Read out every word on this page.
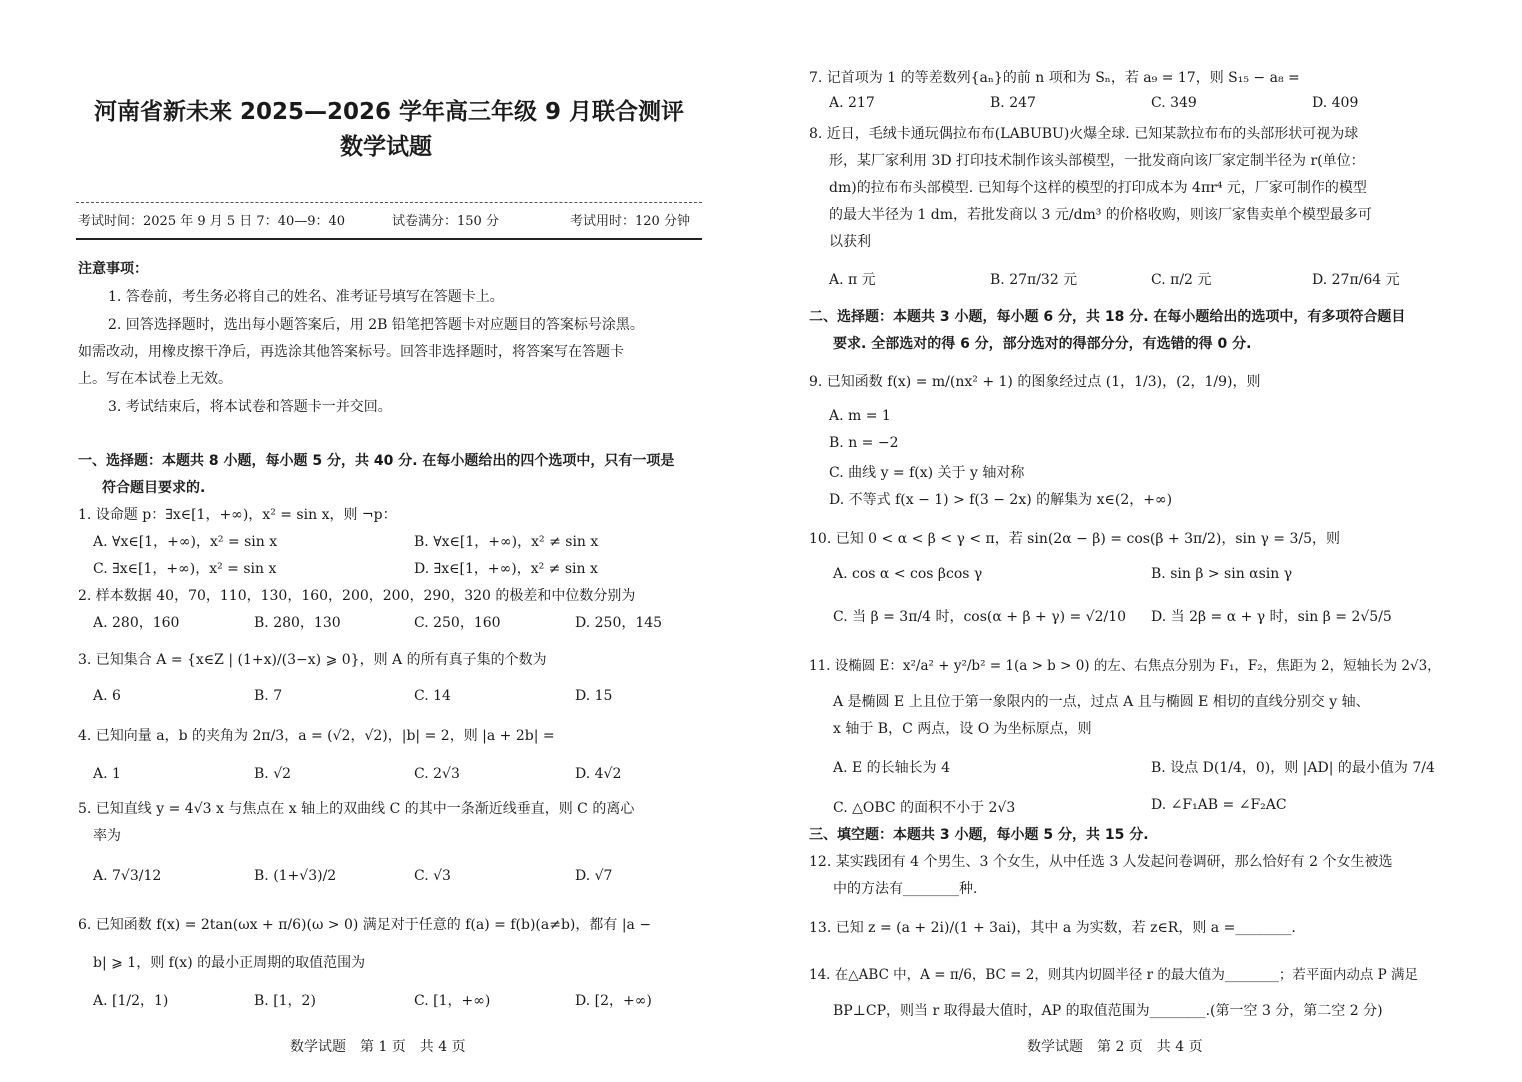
河南省新未来 2025—2026 学年高三年级 9 月联合测评
数学试题
考试时间：2025 年 9 月 5 日 7：40—9：40	试卷满分：150 分	考试用时：120 分钟
注意事项：
1. 答卷前，考生务必将自己的姓名、准考证号填写在答题卡上。
2. 回答选择题时，选出每小题答案后，用 2B 铅笔把答题卡对应题目的答案标号涂黑。
如需改动，用橡皮擦干净后，再选涂其他答案标号。回答非选择题时，将答案写在答题卡
上。写在本试卷上无效。
3. 考试结束后，将本试卷和答题卡一并交回。
一、选择题：本题共 8 小题，每小题 5 分，共 40 分. 在每小题给出的四个选项中，只有一项是
符合题目要求的.
1. 设命题 p：∃x∈[1，+∞)，x² = sin x，则 ¬p：
A. ∀x∈[1，+∞)，x² = sin x	B. ∀x∈[1，+∞)，x² ≠ sin x
C. ∃x∈[1，+∞)，x² = sin x	D. ∃x∈[1，+∞)，x² ≠ sin x
2. 样本数据 40，70，110，130，160，200，200，290，320 的极差和中位数分别为
A. 280，160	B. 280，130	C. 250，160	D. 250，145
3. 已知集合 A = {x∈Z | (1+x)/(3−x) ⩾ 0}，则 A 的所有真子集的个数为
A. 6	B. 7	C. 14	D. 15
4. 已知向量 a，b 的夹角为 2π/3，a = (√2，√2)，|b| = 2，则 |a + 2b| =
A. 1	B. √2	C. 2√3	D. 4√2
5. 已知直线 y = 4√3 x 与焦点在 x 轴上的双曲线 C 的其中一条渐近线垂直，则 C 的离心
率为
A. 7√3/12	B. (1+√3)/2	C. √3	D. √7
6. 已知函数 f(x) = 2tan(ωx + π/6)(ω > 0) 满足对于任意的 f(a) = f(b)(a≠b)，都有 |a −
b| ⩾ 1，则 f(x) 的最小正周期的取值范围为
A. [1/2，1)	B. [1，2)	C. [1，+∞)	D. [2，+∞)
数学试题　第 1 页　共 4 页
7. 记首项为 1 的等差数列{aₙ}的前 n 项和为 Sₙ，若 a₉ = 17，则 S₁₅ − a₈ =
A. 217	B. 247	C. 349	D. 409
8. 近日，毛绒卡通玩偶拉布布(LABUBU)火爆全球. 已知某款拉布布的头部形状可视为球
形，某厂家利用 3D 打印技术制作该头部模型，一批发商向该厂家定制半径为 r(单位：
dm)的拉布布头部模型. 已知每个这样的模型的打印成本为 4πr⁴ 元，厂家可制作的模型
的最大半径为 1 dm，若批发商以 3 元/dm³ 的价格收购，则该厂家售卖单个模型最多可
以获利
A. π 元	B. 27π/32 元	C. π/2 元	D. 27π/64 元
二、选择题：本题共 3 小题，每小题 6 分，共 18 分. 在每小题给出的选项中，有多项符合题目
要求. 全部选对的得 6 分，部分选对的得部分分，有选错的得 0 分.
9. 已知函数 f(x) = m/(nx² + 1) 的图象经过点 (1，1/3)，(2，1/9)，则
A. m = 1
B. n = −2
C. 曲线 y = f(x) 关于 y 轴对称
D. 不等式 f(x − 1) > f(3 − 2x) 的解集为 x∈(2，+∞)
10. 已知 0 < α < β < γ < π，若 sin(2α − β) = cos(β + 3π/2)，sin γ = 3/5，则
A. cos α < cos βcos γ	B. sin β > sin αsin γ
C. 当 β = 3π/4 时，cos(α + β + γ) = √2/10 D. 当 2β = α + γ 时，sin β = 2√5/5
11. 设椭圆 E：x²/a² + y²/b² = 1(a > b > 0) 的左、右焦点分别为 F₁，F₂，焦距为 2，短轴长为 2√3，
A 是椭圆 E 上且位于第一象限内的一点，过点 A 且与椭圆 E 相切的直线分别交 y 轴、
x 轴于 B，C 两点，设 O 为坐标原点，则
A. E 的长轴长为 4	B. 设点 D(1/4，0)，则 |AD| 的最小值为 7/4
C. △OBC 的面积不小于 2√3	D. ∠F₁AB = ∠F₂AC
三、填空题：本题共 3 小题，每小题 5 分，共 15 分.
12. 某实践团有 4 个男生、3 个女生，从中任选 3 人发起问卷调研，那么恰好有 2 个女生被选
中的方法有________种.
13. 已知 z = (a + 2i)/(1 + 3ai)，其中 a 为实数，若 z∈R，则 a =________.
14. 在△ABC 中，A = π/6，BC = 2，则其内切圆半径 r 的最大值为________；若平面内动点 P 满足
BP⊥CP，则当 r 取得最大值时，AP 的取值范围为________.(第一空 3 分，第二空 2 分)
数学试题　第 2 页　共 4 页
